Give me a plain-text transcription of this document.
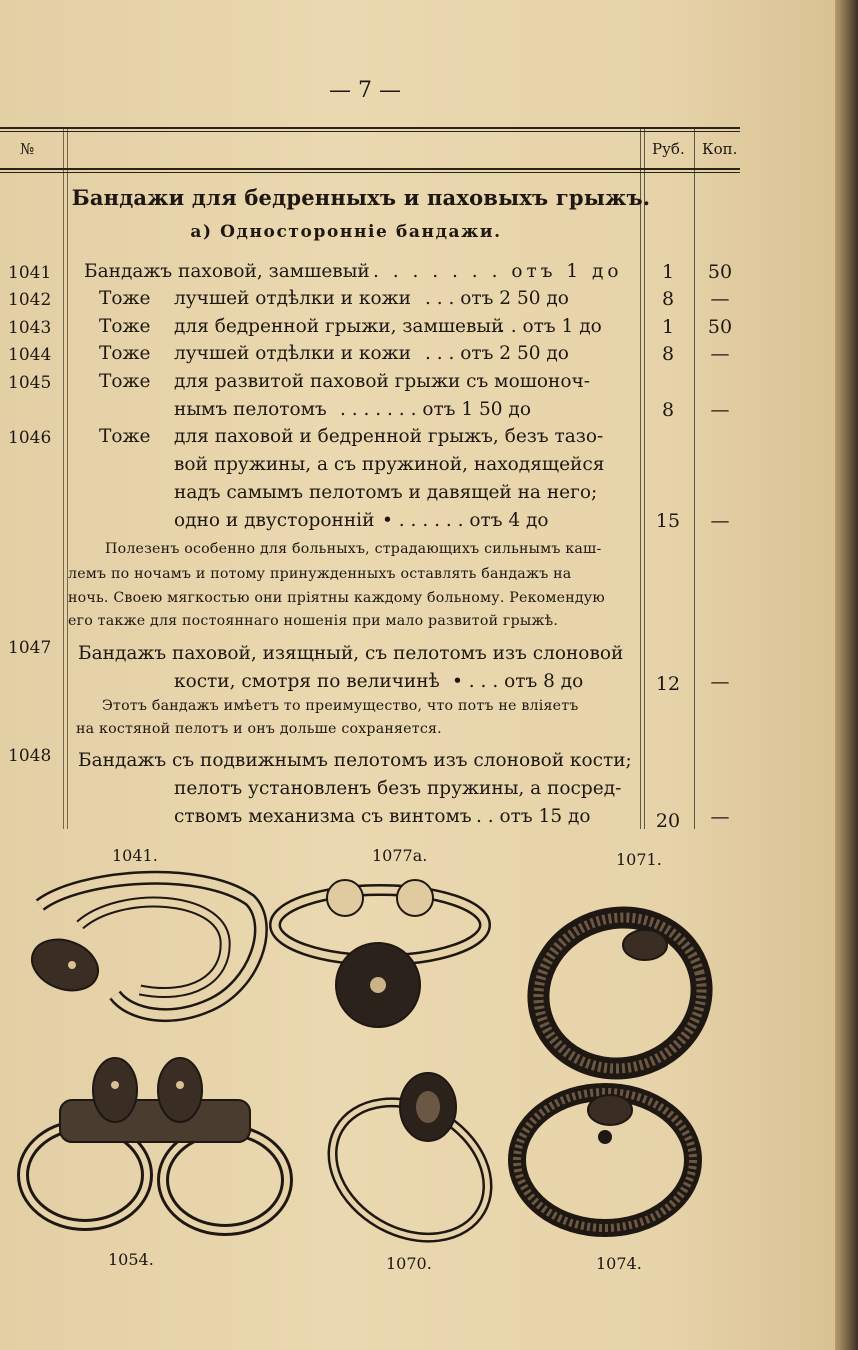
— 7 —
№	Руб. Коп.
Бандажи для бедренныхъ и паховыхъ грыжъ.
а) Односторонніе бандажи.
1041	Бандажъ паховой, замшевый . . . . . . . отъ 1 до	1	50
1042	Тоже лучшей отдѣлки и кожи . . . отъ 2 50 до	8	—
1043	Тоже для бедренной грыжи, замшевый
. . отъ 1 до	1	50
1044	Тоже лучшей отдѣлки и кожи . . . отъ 2 50 до	8	—
1045	Тоже для развитой паховой грыжи съ мошоноч-
нымъ пелотомъ . . . . . . . отъ 1 50 до	8	—
1046	Тоже для паховой и бедренной грыжъ, безъ тазо-
вой пружины, а съ пружиной, находящейся
надъ самымъ пелотомъ и давящей на него;
одно и двустороннiй • . . . . . . отъ 4 до	15	—
Полезенъ особенно для больныхъ, страдающихъ сильнымъ каш-
лемъ по ночамъ и потому принужденныхъ оставлять бандажъ на
ночь. Своею мягкостью они прiятны каждому больному. Рекомендую
его также для постояннаго ношенiя при мало развитой грыжѣ.
1047	Бандажъ паховой, изящный, съ пелотомъ изъ слоновой
кости, смотря по величинѣ • . . . отъ 8 до	12	—
Этотъ бандажъ имѣетъ то преимущество, что потъ не влiяетъ
на костяной пелотъ и онъ дольше сохраняется.
1048	Бандажъ съ подвижнымъ пелотомъ изъ слоновой кости;
пелотъ установленъ безъ пружины, а посред-
ствомъ механизма съ винтомъ . . отъ 15 до	20	—
1041.	1077а.	1071.
1054.	1070.	1074.
